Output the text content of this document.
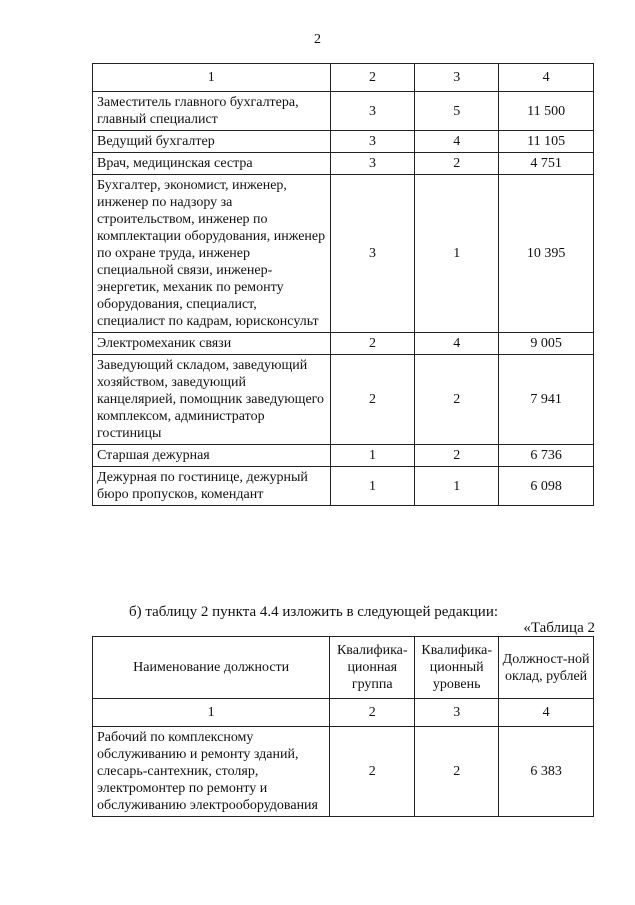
2
1	2	3	4
Заместитель главного бухгалтера, главный специалист	3	5	11 500
Ведущий бухгалтер	3	4	11 105
Врач, медицинская сестра	3	2	4 751
Бухгалтер, экономист, инженер, инженер по надзору за строительством, инженер по комплектации оборудования, инженер по охране труда, инженер специальной связи, инженер-энергетик, механик по ремонту оборудования, специалист, специалист по кадрам, юрисконсульт	3	1	10 395
Электромеханик связи	2	4	9 005
Заведующий складом, заведующий хозяйством, заведующий канцелярией, помощник заведующего комплексом, администратор гостиницы	2	2	7 941
Старшая дежурная	1	2	6 736
Дежурная по гостинице, дежурный бюро пропусков, комендант	1	1	6 098
б) таблицу 2 пункта 4.4 изложить в следующей редакции:
«Таблица 2
Наименование должности	Квалифика-ционная группа	Квалифика-ционный уровень	Должност-ной оклад, рублей
1	2	3	4
Рабочий по комплексному обслуживанию и ремонту зданий, слесарь-сантехник, столяр, электромонтер по ремонту и обслуживанию электрооборудования	2	2	6 383
